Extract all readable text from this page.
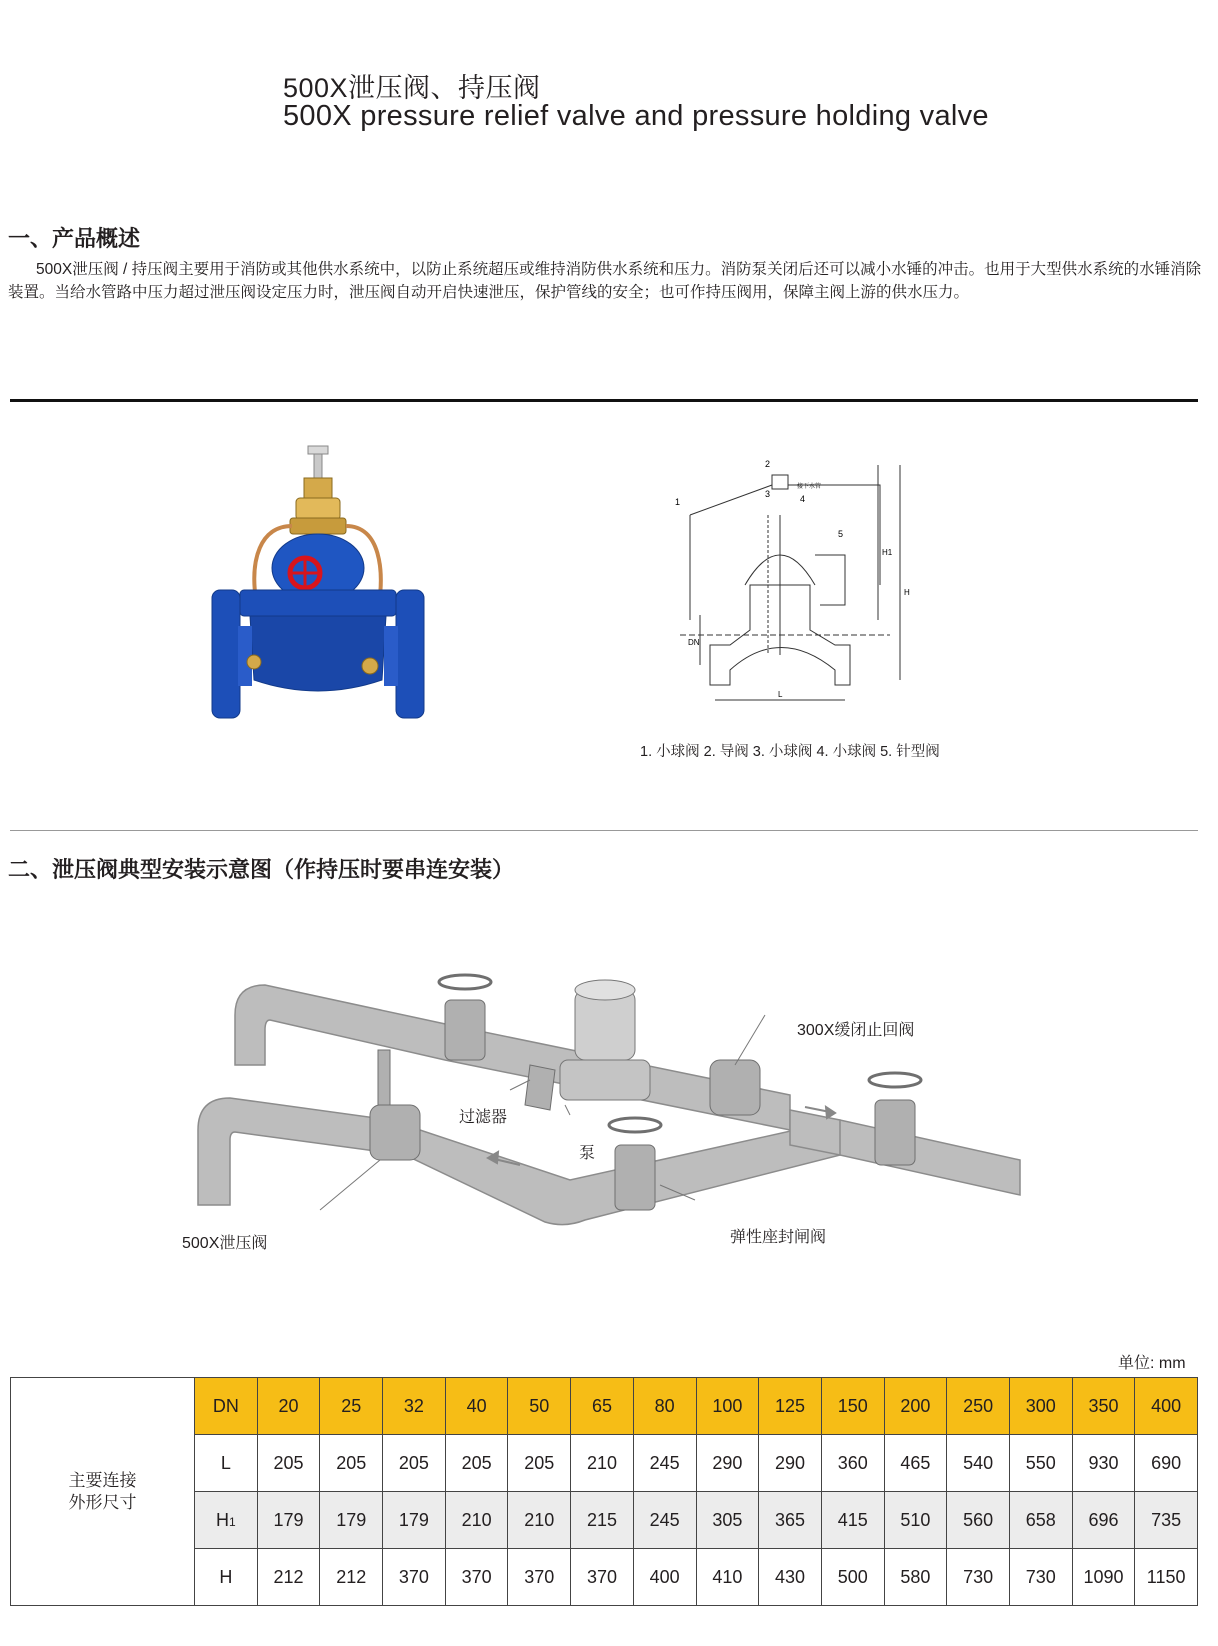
500X泄压阀、持压阀
500X pressure relief valve and pressure holding valve
一、产品概述
500X泄压阀 / 持压阀主要用于消防或其他供水系统中，以防止系统超压或维持消防供水系统和压力。消防泵关闭后还可以减小水锤的冲击。也用于大型供水系统的水锤消除装置。当给水管路中压力超过泄压阀设定压力时，泄压阀自动开启快速泄压，保护管线的安全；也可作持压阀用，保障主阀上游的供水压力。
2
1
3	4
5
接下水管
H1
H
DN
L
1. 小球阀 2. 导阀 3. 小球阀 4. 小球阀 5. 针型阀
二、泄压阀典型安装示意图（作持压时要串连安装）
300X缓闭止回阀
过滤器
泵
500X泄压阀	弹性座封闸阀
单位: mm
主要连接
外形尺寸	DN	20	25	32	40	50	65	80	100	125	150	200	250	300	350	400
	L	205	205	205	205	205	210	245	290	290	360	465	540	550	930	690
	H1	179	179	179	210	210	215	245	305	365	415	510	560	658	696	735
	H	212	212	370	370	370	370	400	410	430	500	580	730	730	1090	1150
